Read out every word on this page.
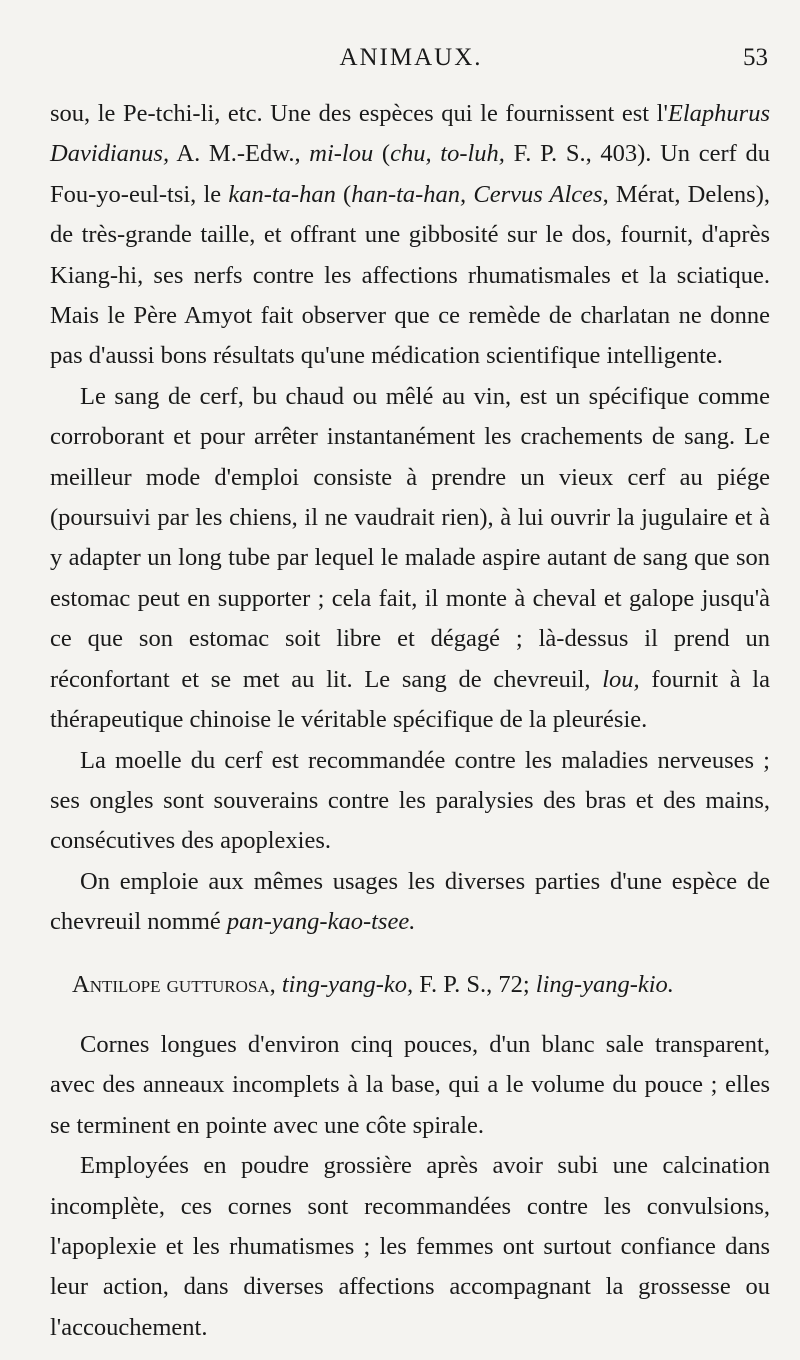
ANIMAUX.	53

sou, le Pe-tchi-li, etc. Une des espèces qui le fournissent est l'Elaphurus Davidianus, A. M.-Edw., mi-lou (chu, to-luh, F. P. S., 403). Un cerf du Fou-yo-eul-tsi, le kan-ta-han (han-ta-han, Cervus Alces, Mérat, Delens), de très-grande taille, et offrant une gibbosité sur le dos, fournit, d'après Kiang-hi, ses nerfs contre les affections rhumatismales et la sciatique. Mais le Père Amyot fait observer que ce remède de charlatan ne donne pas d'aussi bons résultats qu'une médication scientifique intelligente.

Le sang de cerf, bu chaud ou mêlé au vin, est un spécifique comme corroborant et pour arrêter instantanément les crachements de sang. Le meilleur mode d'emploi consiste à prendre un vieux cerf au piége (poursuivi par les chiens, il ne vaudrait rien), à lui ouvrir la jugulaire et à y adapter un long tube par lequel le malade aspire autant de sang que son estomac peut en supporter ; cela fait, il monte à cheval et galope jusqu'à ce que son estomac soit libre et dégagé ; là-dessus il prend un réconfortant et se met au lit. Le sang de chevreuil, lou, fournit à la thérapeutique chinoise le véritable spécifique de la pleurésie.

La moelle du cerf est recommandée contre les maladies nerveuses ; ses ongles sont souverains contre les paralysies des bras et des mains, consécutives des apoplexies.

On emploie aux mêmes usages les diverses parties d'une espèce de chevreuil nommé pan-yang-kao-tsee.

Antilope gutturosa, ting-yang-ko, F. P. S., 72; ling-yang-kio.

Cornes longues d'environ cinq pouces, d'un blanc sale transparent, avec des anneaux incomplets à la base, qui a le volume du pouce ; elles se terminent en pointe avec une côte spirale.

Employées en poudre grossière après avoir subi une calcination incomplète, ces cornes sont recommandées contre les convulsions, l'apoplexie et les rhumatismes ; les femmes ont surtout confiance dans leur action, dans diverses affections accompagnant la grossesse ou l'accouchement.
